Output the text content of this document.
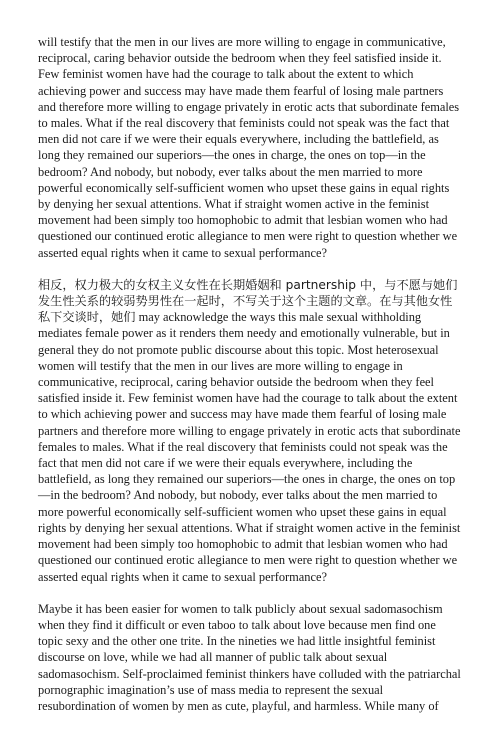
will testify that the men in our lives are more willing to engage in communicative, reciprocal, caring behavior outside the bedroom when they feel satisfied inside it. Few feminist women have had the courage to talk about the extent to which achieving power and success may have made them fearful of losing male partners and therefore more willing to engage privately in erotic acts that subordinate females to males. What if the real discovery that feminists could not speak was the fact that men did not care if we were their equals everywhere, including the battlefield, as long they remained our superiors—the ones in charge, the ones on top—in the bedroom? And nobody, but nobody, ever talks about the men married to more powerful economically self-sufficient women who upset these gains in equal rights by denying her sexual attentions. What if straight women active in the feminist movement had been simply too homophobic to admit that lesbian women who had questioned our continued erotic allegiance to men were right to question whether we asserted equal rights when it came to sexual performance?

相反，权力极大的女权主义女性在长期婚姻和 partnership 中，与不愿与她们发生性关系的较弱势男性在一起时，不写关于这个主题的文章。在与其他女性私下交谈时，她们 may acknowledge the ways this male sexual withholding mediates female power as it renders them needy and emotionally vulnerable, but in general they do not promote public discourse about this topic. Most heterosexual women will testify that the men in our lives are more willing to engage in communicative, reciprocal, caring behavior outside the bedroom when they feel satisfied inside it. Few feminist women have had the courage to talk about the extent to which achieving power and success may have made them fearful of losing male partners and therefore more willing to engage privately in erotic acts that subordinate females to males. What if the real discovery that feminists could not speak was the fact that men did not care if we were their equals everywhere, including the battlefield, as long they remained our superiors—the ones in charge, the ones on top—in the bedroom? And nobody, but nobody, ever talks about the men married to more powerful economically self-sufficient women who upset these gains in equal rights by denying her sexual attentions. What if straight women active in the feminist movement had been simply too homophobic to admit that lesbian women who had questioned our continued erotic allegiance to men were right to question whether we asserted equal rights when it came to sexual performance?

Maybe it has been easier for women to talk publicly about sexual sadomasochism when they find it difficult or even taboo to talk about love because men find one topic sexy and the other one trite. In the nineties we had little insightful feminist discourse on love, while we had all manner of public talk about sexual sadomasochism. Self-proclaimed feminist thinkers have colluded with the patriarchal pornographic imagination’s use of mass media to represent the sexual resubordination of women by men as cute, playful, and harmless. While many of
